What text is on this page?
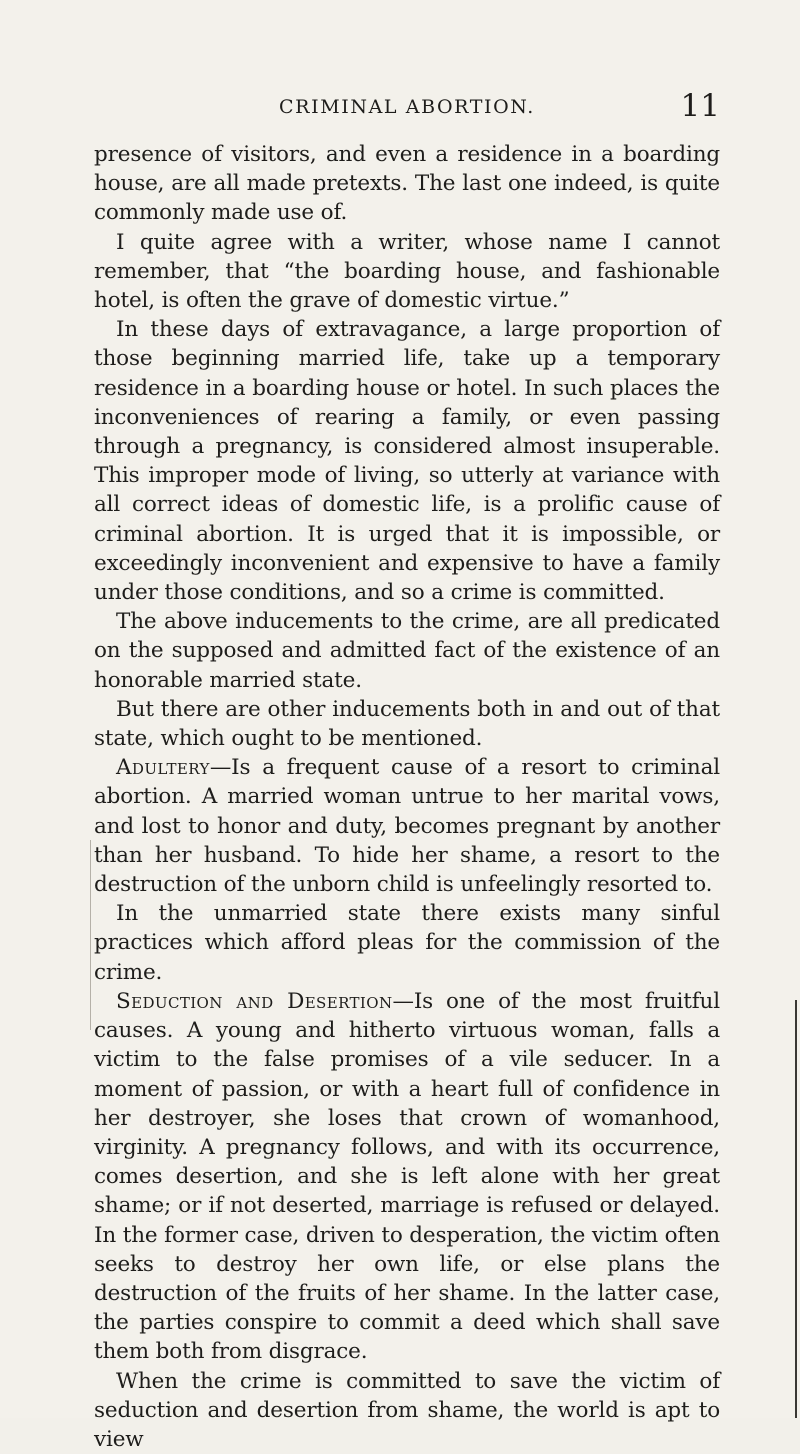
CRIMINAL ABORTION.	11

presence of visitors, and even a residence in a boarding house, are all made pretexts. The last one indeed, is quite commonly made use of.

I quite agree with a writer, whose name I cannot remember, that “the boarding house, and fashionable hotel, is often the grave of domestic virtue.”

In these days of extravagance, a large proportion of those beginning married life, take up a temporary residence in a boarding house or hotel. In such places the inconveniences of rearing a family, or even passing through a pregnancy, is considered almost insuperable. This improper mode of living, so utterly at variance with all correct ideas of domestic life, is a prolific cause of criminal abortion. It is urged that it is impossible, or exceedingly inconvenient and expensive to have a family under those conditions, and so a crime is committed.

The above inducements to the crime, are all predicated on the supposed and admitted fact of the existence of an honorable married state.

But there are other inducements both in and out of that state, which ought to be mentioned.

Adultery—Is a frequent cause of a resort to criminal abortion. A married woman untrue to her marital vows, and lost to honor and duty, becomes pregnant by another than her husband. To hide her shame, a resort to the destruction of the unborn child is unfeelingly resorted to.

In the unmarried state there exists many sinful practices which afford pleas for the commission of the crime.

Seduction and Desertion—Is one of the most fruitful causes. A young and hitherto virtuous woman, falls a victim to the false promises of a vile seducer. In a moment of passion, or with a heart full of confidence in her destroyer, she loses that crown of womanhood, virginity. A pregnancy follows, and with its occurrence, comes desertion, and she is left alone with her great shame; or if not deserted, marriage is refused or delayed. In the former case, driven to desperation, the victim often seeks to destroy her own life, or else plans the destruction of the fruits of her shame. In the latter case, the parties conspire to commit a deed which shall save them both from disgrace.

When the crime is committed to save the victim of seduction and desertion from shame, the world is apt to view
